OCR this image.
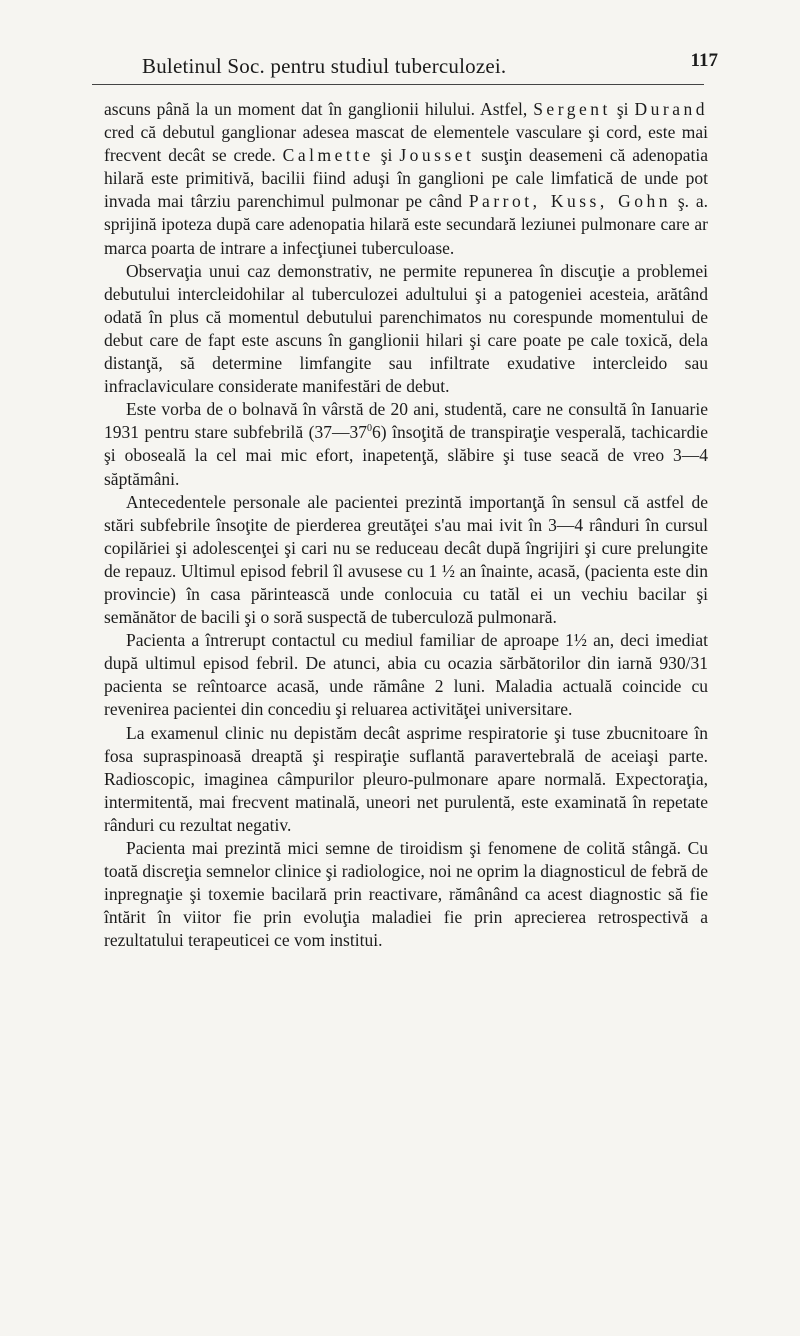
Buletinul Soc. pentru studiul tuberculozei.	117

ascuns până la un moment dat în ganglionii hilului. Astfel, Sergent şi Durand cred că debutul ganglionar adesea mascat de elementele vasculare şi cord, este mai frecvent decât se crede. Calmette şi Jousset susţin deasemeni că adenopatia hilară este primitivă, bacilii fiind aduşi în ganglioni pe cale limfatică de unde pot invada mai târziu parenchimul pulmonar pe când Parrot, Kuss, Gohn ş. a. sprijină ipoteza după care adenopatia hilară este secundară leziunei pulmonare care ar marca poarta de intrare a infecţiunei tuberculoase.

Observaţia unui caz demonstrativ, ne permite repunerea în discuţie a problemei debutului intercleidohilar al tuberculozei adultului şi a patogeniei acesteia, arătând odată în plus că momentul debutului parenchimatos nu corespunde momentului de debut care de fapt este ascuns în ganglionii hilari şi care poate pe cale toxică, dela distanţă, să determine limfangite sau infiltrate exudative intercleido sau infraclaviculare considerate manifestări de debut.

Este vorba de o bolnavă în vârstă de 20 ani, studentă, care ne consultă în Ianuarie 1931 pentru stare subfebrilă $(37—37^06)$ însoţită de transpiraţie vesperală, tachicardie şi oboseală la cel mai mic efort, inapetenţă, slăbire şi tuse seacă de vreo 3—4 săptămâni.

Antecedentele personale ale pacientei prezintă importanţă în sensul că astfel de stări subfebrile însoţite de pierderea greutăţei s'au mai ivit în 3—4 rânduri în cursul copilăriei şi adolescenţei şi cari nu se reduceau decât după îngrijiri şi cure prelungite de repauz. Ultimul episod febril îl avusese cu 1 ½ an înainte, acasă, (pacienta este din provincie) în casa părintească unde conlocuia cu tatăl ei un vechiu bacilar şi semănător de bacili şi o soră suspectă de tuberculoză pulmonară.

Pacienta a întrerupt contactul cu mediul familiar de aproape 1½ an, deci imediat după ultimul episod febril. De atunci, abia cu ocazia sărbătorilor din iarnă 930/31 pacienta se reîntoarce acasă, unde rămâne 2 luni. Maladia actuală coincide cu revenirea pacientei din concediu şi reluarea activităţei universitare.

La examenul clinic nu depistăm decât asprime respiratorie şi tuse zbucnitoare în fosa supraspinoasă dreaptă şi respiraţie suflantă paravertebrală de aceiaşi parte. Radioscopic, imaginea câmpurilor pleuro-pulmonare apare normală. Expectoraţia, intermitentă, mai frecvent matinală, uneori net purulentă, este examinată în repetate rânduri cu rezultat negativ.

Pacienta mai prezintă mici semne de tiroidism şi fenomene de colită stângă. Cu toată discreţia semnelor clinice şi radiologice, noi ne oprim la diagnosticul de febră de inpregnaţie şi toxemie bacilară prin reactivare, rămânând ca acest diagnostic să fie întărit în viitor fie prin evoluţia maladiei fie prin aprecierea retrospectivă a rezultatului terapeuticei ce vom institui.
